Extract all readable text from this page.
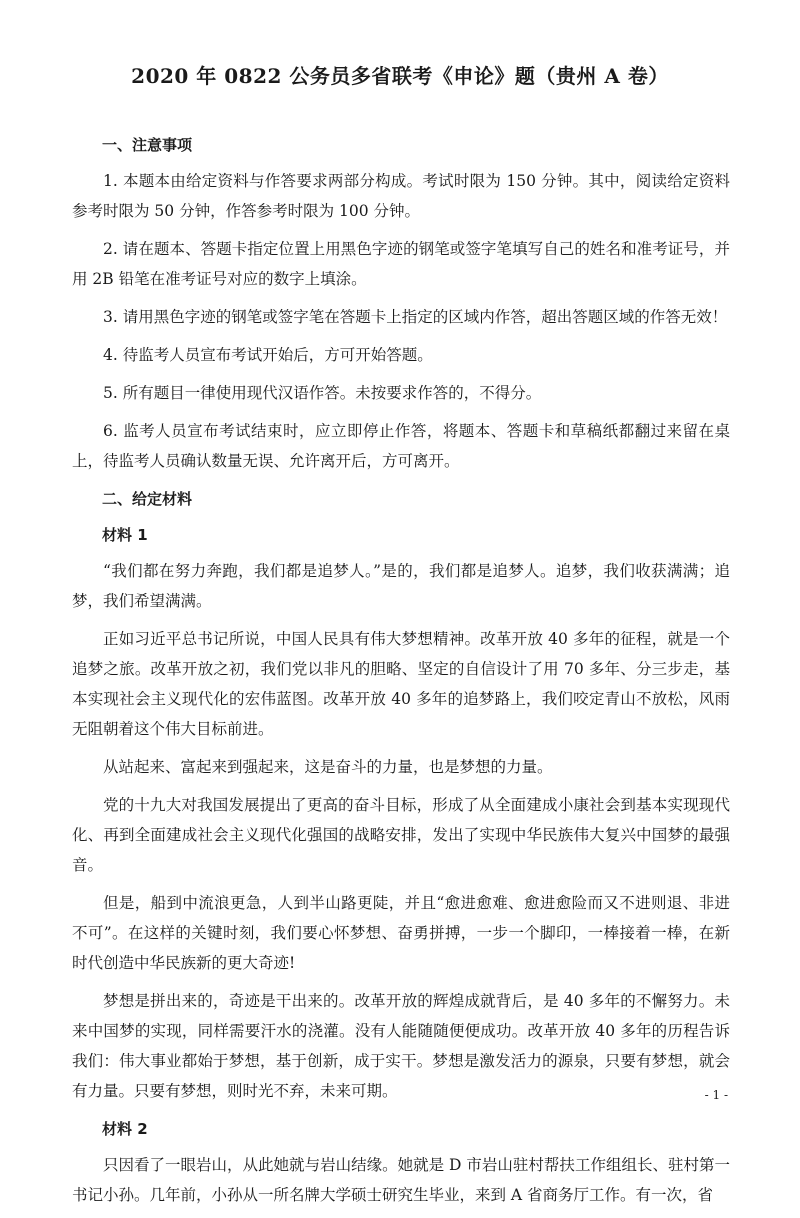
2020 年 0822 公务员多省联考《申论》题（贵州 A 卷）
一、注意事项
1. 本题本由给定资料与作答要求两部分构成。考试时限为 150 分钟。其中，阅读给定资料参考时限为 50 分钟，作答参考时限为 100 分钟。
2. 请在题本、答题卡指定位置上用黑色字迹的钢笔或签字笔填写自己的姓名和准考证号，并用 2B 铅笔在准考证号对应的数字上填涂。
3. 请用黑色字迹的钢笔或签字笔在答题卡上指定的区域内作答，超出答题区域的作答无效！
4. 待监考人员宣布考试开始后，方可开始答题。
5. 所有题目一律使用现代汉语作答。未按要求作答的，不得分。
6. 监考人员宣布考试结束时，应立即停止作答，将题本、答题卡和草稿纸都翻过来留在桌上，待监考人员确认数量无误、允许离开后，方可离开。
二、给定材料
材料 1
“我们都在努力奔跑，我们都是追梦人。”是的，我们都是追梦人。追梦，我们收获满满；追梦，我们希望满满。
正如习近平总书记所说，中国人民具有伟大梦想精神。改革开放 40 多年的征程，就是一个追梦之旅。改革开放之初，我们党以非凡的胆略、坚定的自信设计了用 70 多年、分三步走，基本实现社会主义现代化的宏伟蓝图。改革开放 40 多年的追梦路上，我们咬定青山不放松，风雨无阻朝着这个伟大目标前进。
从站起来、富起来到强起来，这是奋斗的力量，也是梦想的力量。
党的十九大对我国发展提出了更高的奋斗目标，形成了从全面建成小康社会到基本实现现代化、再到全面建成社会主义现代化强国的战略安排，发出了实现中华民族伟大复兴中国梦的最强音。
但是，船到中流浪更急，人到半山路更陡，并且“愈进愈难、愈进愈险而又不进则退、非进不可”。在这样的关键时刻，我们要心怀梦想、奋勇拼搏，一步一个脚印，一棒接着一棒，在新时代创造中华民族新的更大奇迹!
梦想是拼出来的，奇迹是干出来的。改革开放的辉煌成就背后，是 40 多年的不懈努力。未来中国梦的实现，同样需要汗水的浇灌。没有人能随随便便成功。改革开放 40 多年的历程告诉我们：伟大事业都始于梦想，基于创新，成于实干。梦想是激发活力的源泉，只要有梦想，就会有力量。只要有梦想，则时光不弃，未来可期。
材料 2
只因看了一眼岩山，从此她就与岩山结缘。她就是 D 市岩山驻村帮扶工作组组长、驻村第一书记小孙。几年前，小孙从一所名牌大学硕士研究生毕业，来到 A 省商务厅工作。有一次，省
- 1 -
